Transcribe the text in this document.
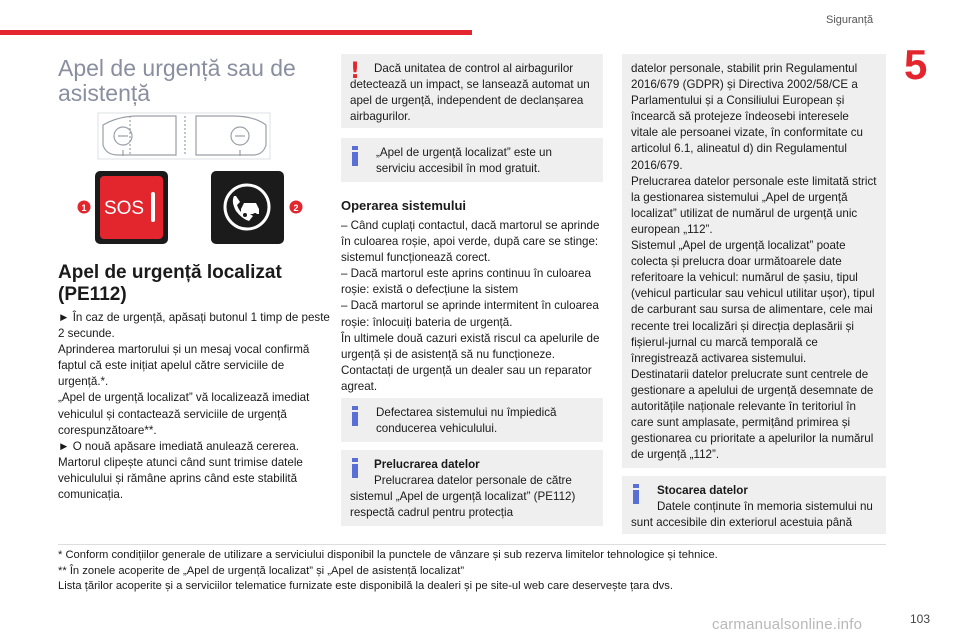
Siguranță
5
Apel de urgență sau de asistență
SOS
1	2
Apel de urgență localizat (PE112)
► În caz de urgență, apăsați butonul 1 timp de peste 2 secunde.
Aprinderea martorului și un mesaj vocal confirmă faptul că este inițiat apelul către serviciile de urgență.*.
„Apel de urgență localizat” vă localizează imediat vehiculul și contactează serviciile de urgență corespunzătoare**.
► O nouă apăsare imediată anulează cererea.
Martorul clipește atunci când sunt trimise datele vehiculului și rămâne aprins când este stabilită comunicația.
!	Dacă unitatea de control al airbagurilor detectează un impact, se lansează automat un apel de urgență, independent de declanșarea airbagurilor.
„Apel de urgență localizat” este un serviciu accesibil în mod gratuit.
Operarea sistemului
– Când cuplați contactul, dacă martorul se aprinde în culoarea roșie, apoi verde, după care se stinge: sistemul funcționează corect.
– Dacă martorul este aprins continuu în culoarea roșie: există o defecțiune la sistem
– Dacă martorul se aprinde intermitent în culoarea roșie: înlocuiți bateria de urgență.
În ultimele două cazuri există riscul ca apelurile de urgență și de asistență să nu funcționeze.
Contactați de urgență un dealer sau un reparator agreat.
Defectarea sistemului nu împiedică conducerea vehiculului.
Prelucrarea datelor
Prelucrarea datelor personale de către sistemul „Apel de urgență localizat” (PE112) respectă cadrul pentru protecția
datelor personale, stabilit prin Regulamentul 2016/679 (GDPR) și Directiva 2002/58/CE a Parlamentului și a Consiliului European și încearcă să protejeze îndeosebi interesele vitale ale persoanei vizate, în conformitate cu articolul 6.1, alineatul d) din Regulamentul 2016/679.
Prelucrarea datelor personale este limitată strict la gestionarea sistemului „Apel de urgență localizat” utilizat de numărul de urgență unic european „112”.
Sistemul „Apel de urgență localizat” poate colecta și prelucra doar următoarele date referitoare la vehicul: numărul de șasiu, tipul (vehicul particular sau vehicul utilitar ușor), tipul de carburant sau sursa de alimentare, cele mai recente trei localizări și direcția deplasării și fișierul-jurnal cu marcă temporală ce înregistrează activarea sistemului.
Destinatarii datelor prelucrate sunt centrele de gestionare a apelului de urgență desemnate de autoritățile naționale relevante în teritoriul în care sunt amplasate, permițând primirea și gestionarea cu prioritate a apelurilor la numărul de urgență „112”.
Stocarea datelor
Datele conținute în memoria sistemului nu sunt accesibile din exteriorul acestuia până
* Conform condițiilor generale de utilizare a serviciului disponibil la punctele de vânzare și sub rezerva limitelor tehnologice și tehnice.
** În zonele acoperite de „Apel de urgență localizat” și „Apel de asistență localizat”
Lista țărilor acoperite și a serviciilor telematice furnizate este disponibilă la dealeri și pe site-ul web care deservește țara dvs.
carmanualsonline.info	103
